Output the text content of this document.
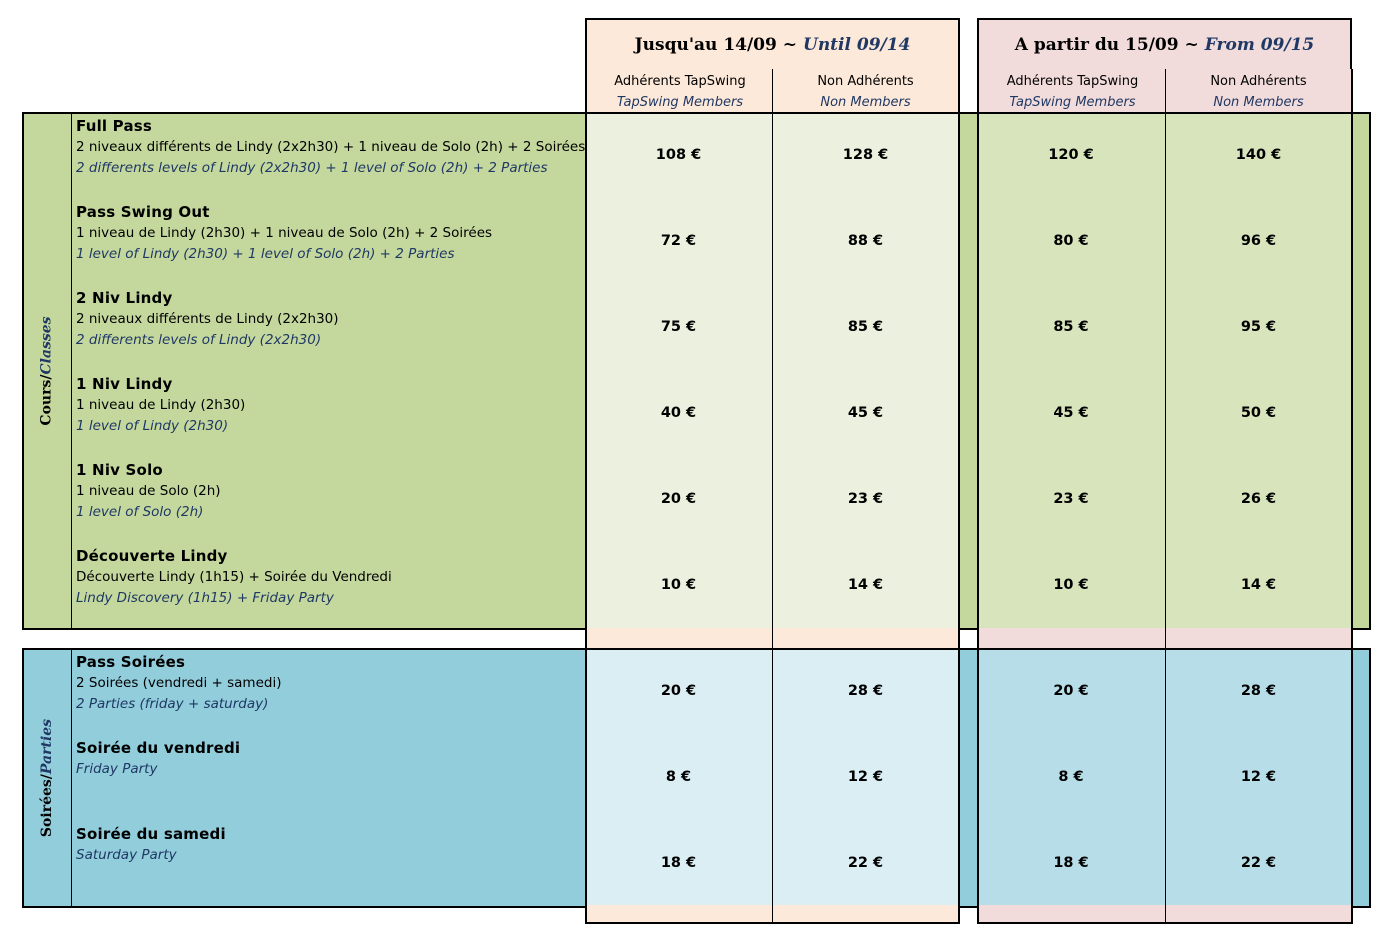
Jusqu'au 14/09 ~ Until 09/14
Adhérents TapSwing
TapSwing Members
Non Adhérents
Non Members
A partir du 15/09 ~ From 09/15
Adhérents TapSwing
TapSwing Members
Non Adhérents
Non Members
Cours/Classes
Full Pass
2 niveaux différents de Lindy (2x2h30) + 1 niveau de Solo (2h) + 2 Soirées
2 differents levels of Lindy (2x2h30) + 1 level of Solo (2h) + 2 Parties
108 €	128 €	120 €	140 €
Pass Swing Out
1 niveau de Lindy (2h30) + 1 niveau de Solo (2h) + 2 Soirées
1 level of Lindy (2h30) + 1 level of Solo (2h) + 2 Parties
72 €	88 €	80 €	96 €
2 Niv Lindy
2 niveaux différents de Lindy (2x2h30)
2 differents levels of Lindy (2x2h30)
75 €	85 €	85 €	95 €
1 Niv Lindy
1 niveau de Lindy (2h30)
1 level of Lindy (2h30)
40 €	45 €	45 €	50 €
1 Niv Solo
1 niveau de Solo (2h)
1 level of Solo (2h)
20 €	23 €	23 €	26 €
Découverte Lindy
Découverte Lindy (1h15) + Soirée du Vendredi
Lindy Discovery (1h15) + Friday Party
10 €	14 €	10 €	14 €
Soirées/Parties
Pass Soirées
2 Soirées (vendredi + samedi)
2 Parties (friday + saturday)
20 €	28 €	20 €	28 €
Soirée du vendredi
Friday Party	8 €	12 €	8 €	12 €
Soirée du samedi
Saturday Party	18 €	22 €	18 €	22 €
